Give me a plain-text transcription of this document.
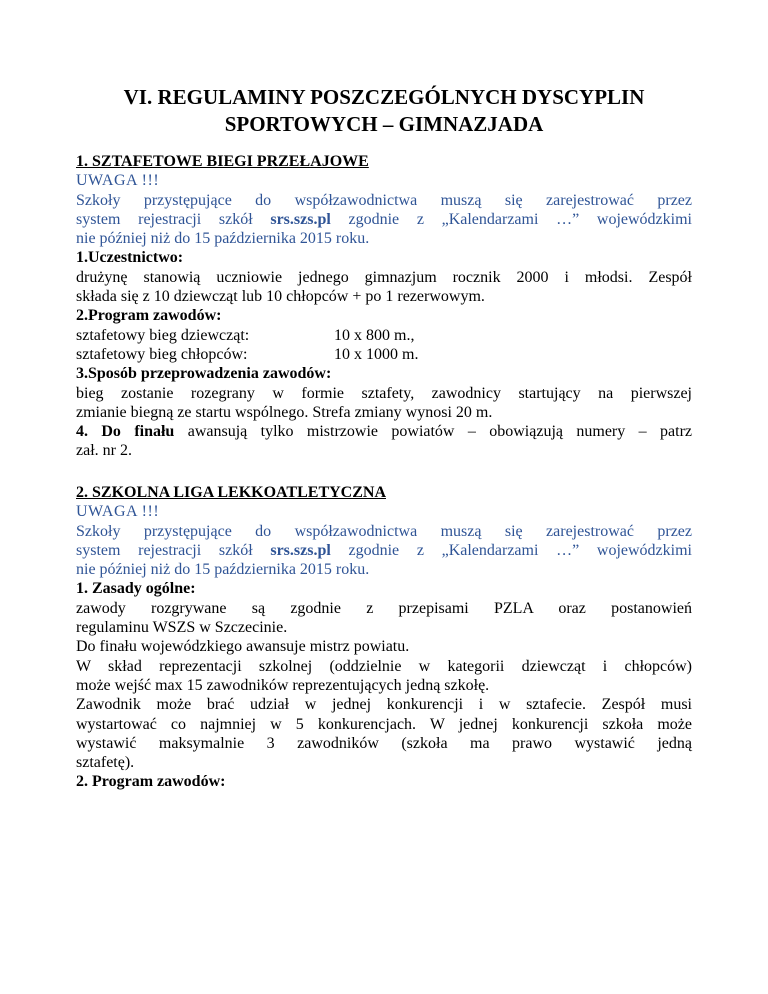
VI. REGULAMINY POSZCZEGÓLNYCH DYSCYPLIN
SPORTOWYCH – GIMNAZJADA

1. SZTAFETOWE BIEGI PRZEŁAJOWE

UWAGA !!!

Szkoły przystępujące do współzawodnictwa muszą się zarejestrować przez

system rejestracji szkół srs.szs.pl zgodnie z „Kalendarzami …” wojewódzkimi

nie później niż do 15 października 2015 roku.

1.Uczestnictwo:

drużynę stanowią uczniowie jednego gimnazjum rocznik 2000 i młodsi. Zespół

składa się z 10 dziewcząt lub 10 chłopców + po 1 rezerwowym.

2.Program zawodów:

sztafetowy bieg dziewcząt:	10 x 800 m.,
sztafetowy bieg chłopców:	10 x 1000 m.

3.Sposób przeprowadzenia zawodów:

bieg zostanie rozegrany w formie sztafety, zawodnicy startujący na pierwszej

zmianie biegną ze startu wspólnego. Strefa zmiany wynosi 20 m.

4. Do finału awansują tylko mistrzowie powiatów – obowiązują numery – patrz

zał. nr 2.

2. SZKOLNA LIGA LEKKOATLETYCZNA

UWAGA !!!

Szkoły przystępujące do współzawodnictwa muszą się zarejestrować przez

system rejestracji szkół srs.szs.pl zgodnie z „Kalendarzami …” wojewódzkimi

nie później niż do 15 października 2015 roku.

1. Zasady ogólne:

zawody rozgrywane są zgodnie z przepisami PZLA oraz postanowień

regulaminu WSZS w Szczecinie.

Do finału wojewódzkiego awansuje mistrz powiatu.

W skład reprezentacji szkolnej (oddzielnie w kategorii dziewcząt i chłopców)

może wejść max 15 zawodników reprezentujących jedną szkołę.

Zawodnik może brać udział w jednej konkurencji i w sztafecie. Zespół musi

wystartować co najmniej w 5 konkurencjach. W jednej konkurencji szkoła może

wystawić maksymalnie 3 zawodników (szkoła ma prawo wystawić jedną

sztafetę).

2. Program zawodów:
